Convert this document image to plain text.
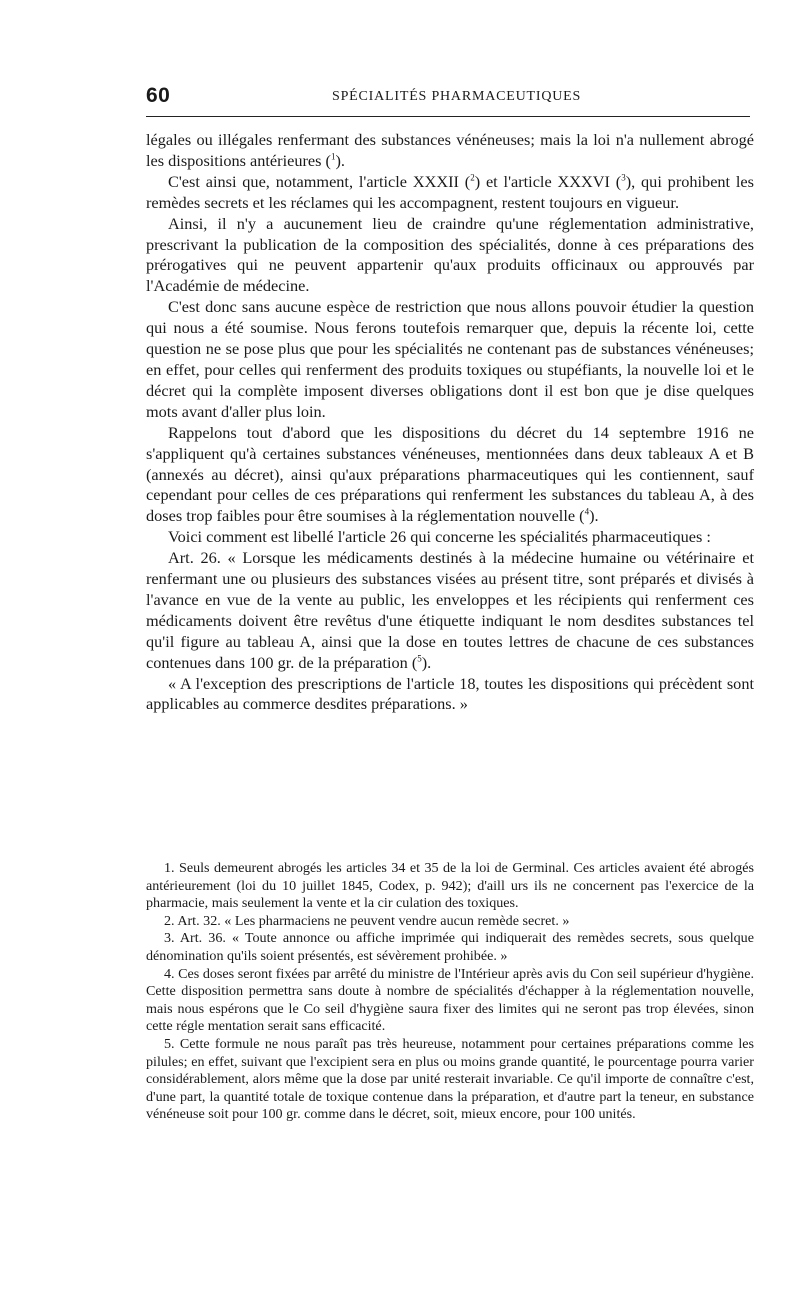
60	SPÉCIALITÉS PHARMACEUTIQUES

légales ou illégales renfermant des substances vénéneuses; mais la loi n'a nullement abrogé les dispositions antérieures ($^1$).

C'est ainsi que, notamment, l'article XXXII ($^2$) et l'article XXXVI ($^3$), qui prohibent les remèdes secrets et les réclames qui les accompagnent, restent toujours en vigueur.

Ainsi, il n'y a aucunement lieu de craindre qu'une réglementation administrative, prescrivant la publication de la composition des spécialités, donne à ces préparations des prérogatives qui ne peuvent appartenir qu'aux produits officinaux ou approuvés par l'Académie de médecine.

C'est donc sans aucune espèce de restriction que nous allons pouvoir étudier la question qui nous a été soumise. Nous ferons toutefois remarquer que, depuis la récente loi, cette question ne se pose plus que pour les spécialités ne contenant pas de substances vénéneuses; en effet, pour celles qui renferment des produits toxiques ou stupéfiants, la nouvelle loi et le décret qui la complète imposent diverses obligations dont il est bon que je dise quelques mots avant d'aller plus loin.

Rappelons tout d'abord que les dispositions du décret du 14 septembre 1916 ne s'appliquent qu'à certaines substances vénéneuses, mentionnées dans deux tableaux A et B (annexés au décret), ainsi qu'aux préparations pharmaceutiques qui les contiennent, sauf cependant pour celles de ces préparations qui renferment les substances du tableau A, à des doses trop faibles pour être soumises à la réglementation nouvelle ($^4$).

Voici comment est libellé l'article 26 qui concerne les spécialités pharmaceutiques :

Art. 26. « Lorsque les médicaments destinés à la médecine humaine ou vétérinaire et renfermant une ou plusieurs des substances visées au présent titre, sont préparés et divisés à l'avance en vue de la vente au public, les enveloppes et les récipients qui renferment ces médicaments doivent être revêtus d'une étiquette indiquant le nom desdites substances tel qu'il figure au tableau A, ainsi que la dose en toutes lettres de chacune de ces substances contenues dans 100 gr. de la préparation ($^5$).

« A l'exception des prescriptions de l'article 18, toutes les dispositions qui précèdent sont applicables au commerce desdites préparations. »

1. Seuls demeurent abrogés les articles 34 et 35 de la loi de Germinal. Ces articles avaient été abrogés antérieurement (loi du 10 juillet 1845, Codex, p. 942); d'aill urs ils ne concernent pas l'exercice de la pharmacie, mais seulement la vente et la cir culation des toxiques.

2. Art. 32. « Les pharmaciens ne peuvent vendre aucun remède secret. »

3. Art. 36. « Toute annonce ou affiche imprimée qui indiquerait des remèdes secrets, sous quelque dénomination qu'ils soient présentés, est sévèrement prohibée. »

4. Ces doses seront fixées par arrêté du ministre de l'Intérieur après avis du Con seil supérieur d'hygiène. Cette disposition permettra sans doute à nombre de spécialités d'échapper à la réglementation nouvelle, mais nous espérons que le Co seil d'hygiène saura fixer des limites qui ne seront pas trop élevées, sinon cette régle mentation serait sans efficacité.

5. Cette formule ne nous paraît pas très heureuse, notamment pour certaines préparations comme les pilules; en effet, suivant que l'excipient sera en plus ou moins grande quantité, le pourcentage pourra varier considérablement, alors même que la dose par unité resterait invariable. Ce qu'il importe de connaître c'est, d'une part, la quantité totale de toxique contenue dans la préparation, et d'autre part la teneur, en substance vénéneuse soit pour 100 gr. comme dans le décret, soit, mieux encore, pour 100 unités.
